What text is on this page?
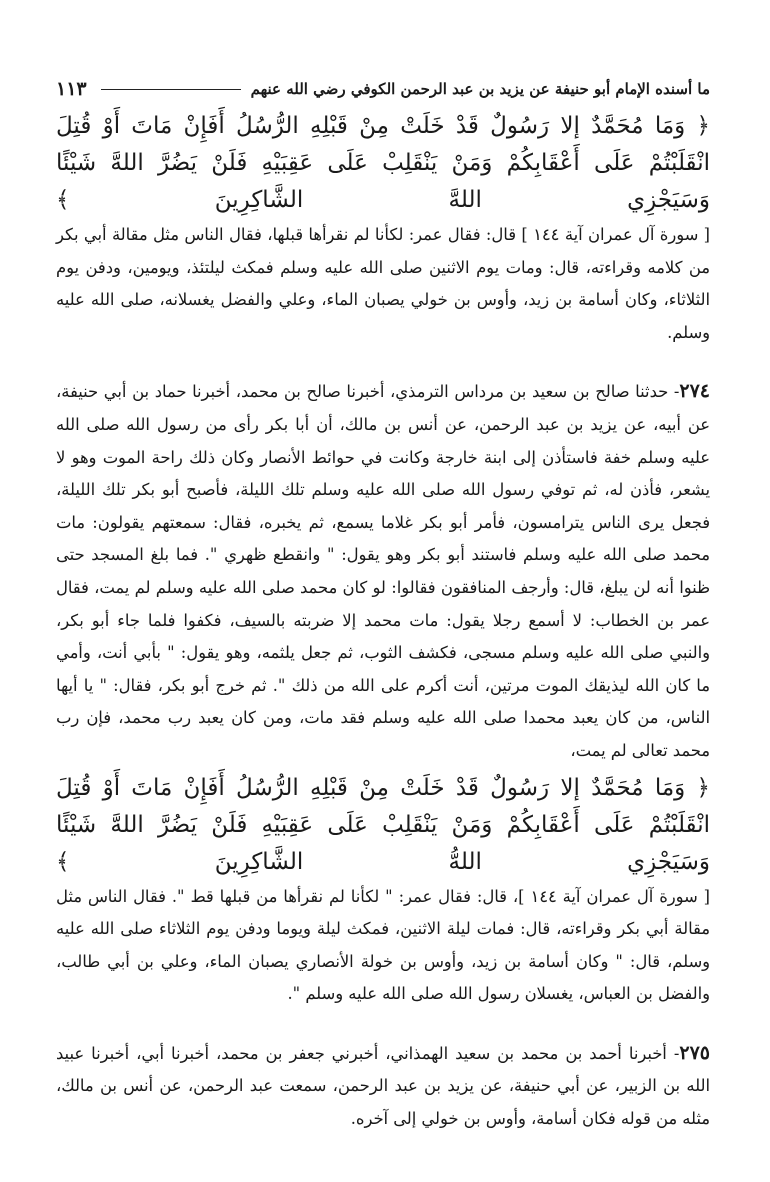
ما أسنده الإمام أبو حنيفة عن يزيد بن عبد الرحمن الكوفي رضي الله عنهم
١١٣

﴿ وَمَا مُحَمَّدٌ إلا رَسُولٌ قَدْ خَلَتْ مِنْ قَبْلِهِ الرُّسُلُ أَفَإِنْ مَاتَ أَوْ قُتِلَ انْقَلَبْتُمْ عَلَى أَعْقَابِكُمْ وَمَنْ يَنْقَلِبْ عَلَى عَقِبَيْهِ فَلَنْ يَضُرَّ اللهَّ شَيْئًا وَسَيَجْزِي اللهَّ الشَّاكِرِينَ ﴾

[ سورة آل عمران آية ١٤٤ ] قال: فقال عمر: لكأنا لم نقرأها قبلها، فقال الناس مثل مقالة أبي بكر من كلامه وقراءته، قال: ومات يوم الاثنين صلى الله عليه وسلم فمكث ليلتئذ، ويومين، ودفن يوم الثلاثاء، وكان أسامة بن زيد، وأوس بن خولي يصبان الماء، وعلي والفضل يغسلانه، صلى الله عليه وسلم.

٢٧٤- حدثنا صالح بن سعيد بن مرداس الترمذي، أخبرنا صالح بن محمد، أخبرنا حماد بن أبي حنيفة، عن أبيه، عن يزيد بن عبد الرحمن، عن أنس بن مالك، أن أبا بكر رأى من رسول الله صلى الله عليه وسلم خفة فاستأذن إلى ابنة خارجة وكانت في حوائط الأنصار وكان ذلك راحة الموت وهو لا يشعر، فأذن له، ثم توفي رسول الله صلى الله عليه وسلم تلك الليلة، فأصبح أبو بكر تلك الليلة، فجعل يرى الناس يترامسون، فأمر أبو بكر غلاما يسمع، ثم يخبره، فقال: سمعتهم يقولون: مات محمد صلى الله عليه وسلم فاستند أبو بكر وهو يقول: " وانقطع ظهري ". فما بلغ المسجد حتى ظنوا أنه لن يبلغ، قال: وأرجف المنافقون فقالوا: لو كان محمد صلى الله عليه وسلم لم يمت، فقال عمر بن الخطاب: لا أسمع رجلا يقول: مات محمد إلا ضربته بالسيف، فكفوا فلما جاء أبو بكر، والنبي صلى الله عليه وسلم مسجى، فكشف الثوب، ثم جعل يلثمه، وهو يقول: " بأبي أنت، وأمي ما كان الله ليذيقك الموت مرتين، أنت أكرم على الله من ذلك ". ثم خرج أبو بكر، فقال: " يا أيها الناس، من كان يعبد محمدا صلى الله عليه وسلم فقد مات، ومن كان يعبد رب محمد، فإن رب محمد تعالى لم يمت،

﴿ وَمَا مُحَمَّدٌ إلا رَسُولٌ قَدْ خَلَتْ مِنْ قَبْلِهِ الرُّسُلُ أَفَإِنْ مَاتَ أَوْ قُتِلَ انْقَلَبْتُمْ عَلَى أَعْقَابِكُمْ وَمَنْ يَنْقَلِبْ عَلَى عَقِبَيْهِ فَلَنْ يَضُرَّ اللهَّ شَيْئًا وَسَيَجْزِي اللهُّ الشَّاكِرِينَ ﴾

[ سورة آل عمران آية ١٤٤ ]، قال: فقال عمر: " لكأنا لم نقرأها من قبلها قط ". فقال الناس مثل مقالة أبي بكر وقراءته، قال: فمات ليلة الاثنين، فمكث ليلة ويوما ودفن يوم الثلاثاء صلى الله عليه وسلم، قال: " وكان أسامة بن زيد، وأوس بن خولة الأنصاري يصبان الماء، وعلي بن أبي طالب، والفضل بن العباس، يغسلان رسول الله صلى الله عليه وسلم ".

٢٧٥- أخبرنا أحمد بن محمد بن سعيد الهمذاني، أخبرني جعفر بن محمد، أخبرنا أبي، أخبرنا عبيد الله بن الزبير، عن أبي حنيفة، عن يزيد بن عبد الرحمن، سمعت عبد الرحمن، عن أنس بن مالك، مثله من قوله فكان أسامة، وأوس بن خولي إلى آخره.
